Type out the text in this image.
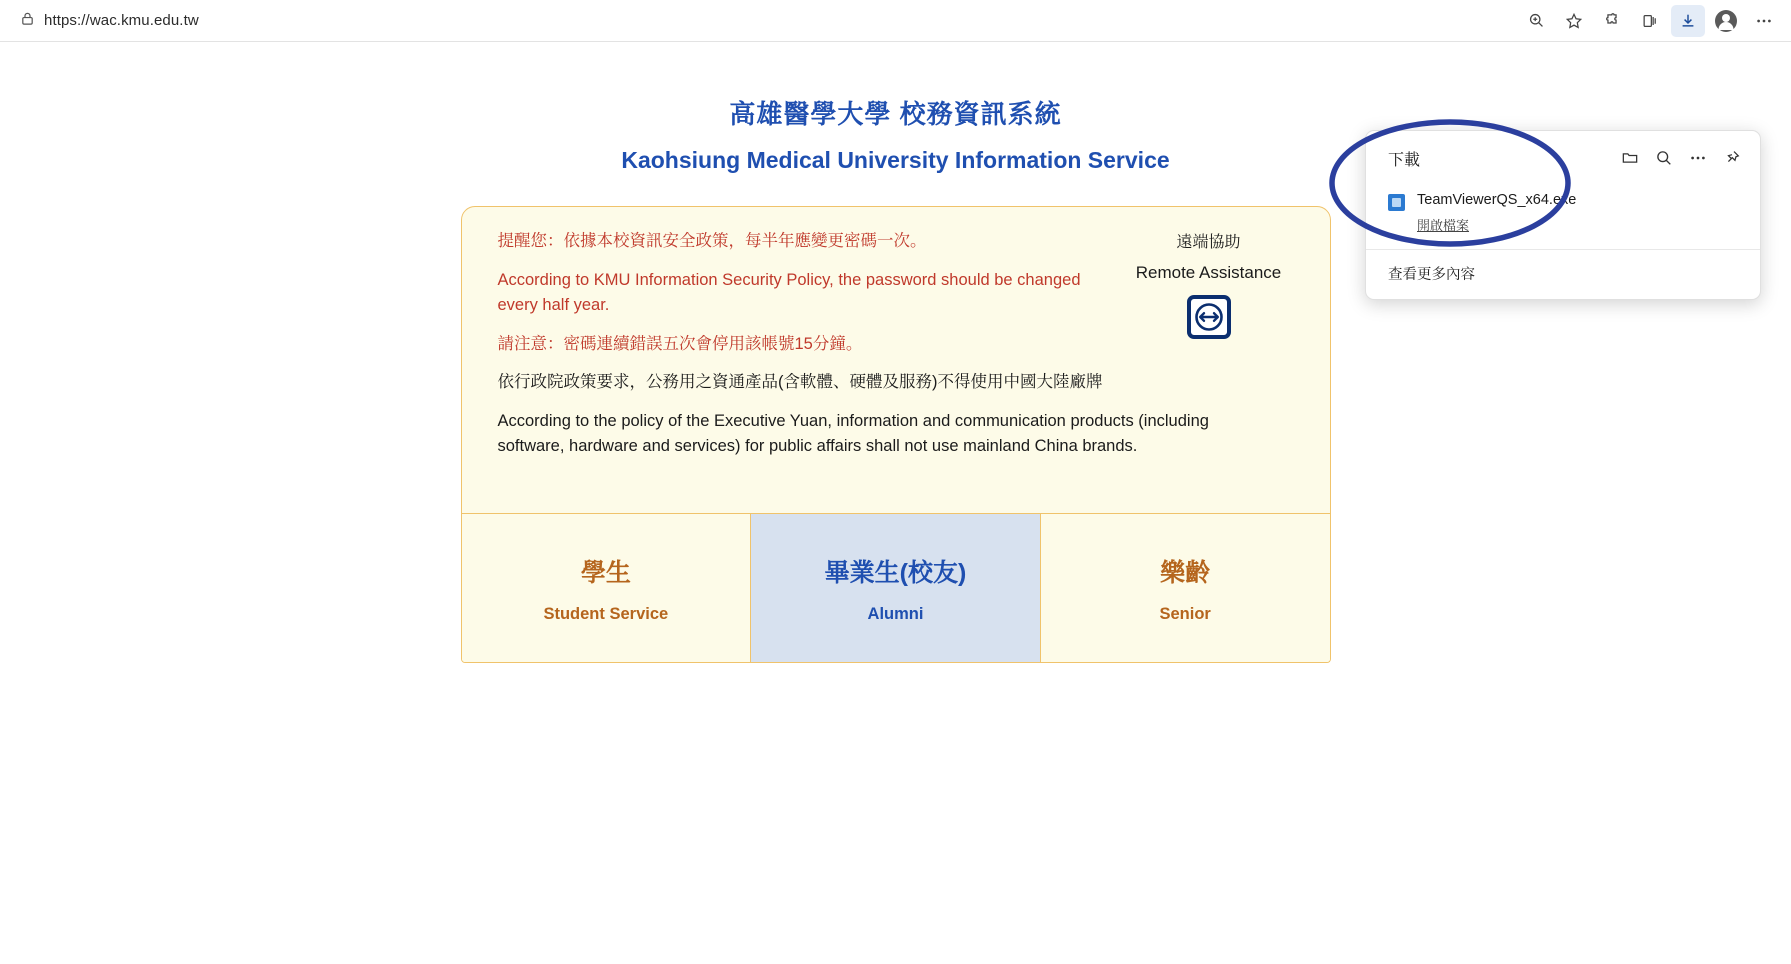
https://wac.kmu.edu.tw
高雄醫學大學 校務資訊系統
Kaohsiung Medical University Information Service

提醒您：依據本校資訊安全政策，每半年應變更密碼一次。

According to KMU Information Security Policy, the password should be changed every half year.

請注意：密碼連續錯誤五次會停用該帳號15分鐘。

依行政院政策要求，公務用之資通產品(含軟體、硬體及服務)不得使用中國大陸廠牌

According to the policy of the Executive Yuan, information and communication products (including software, hardware and services) for public affairs shall not use mainland China brands.

遠端協助
Remote Assistance
學生
Student Service
畢業生(校友)
Alumni
樂齡
Senior
下載
TeamViewerQS_x64.exe
開啟檔案
查看更多內容
